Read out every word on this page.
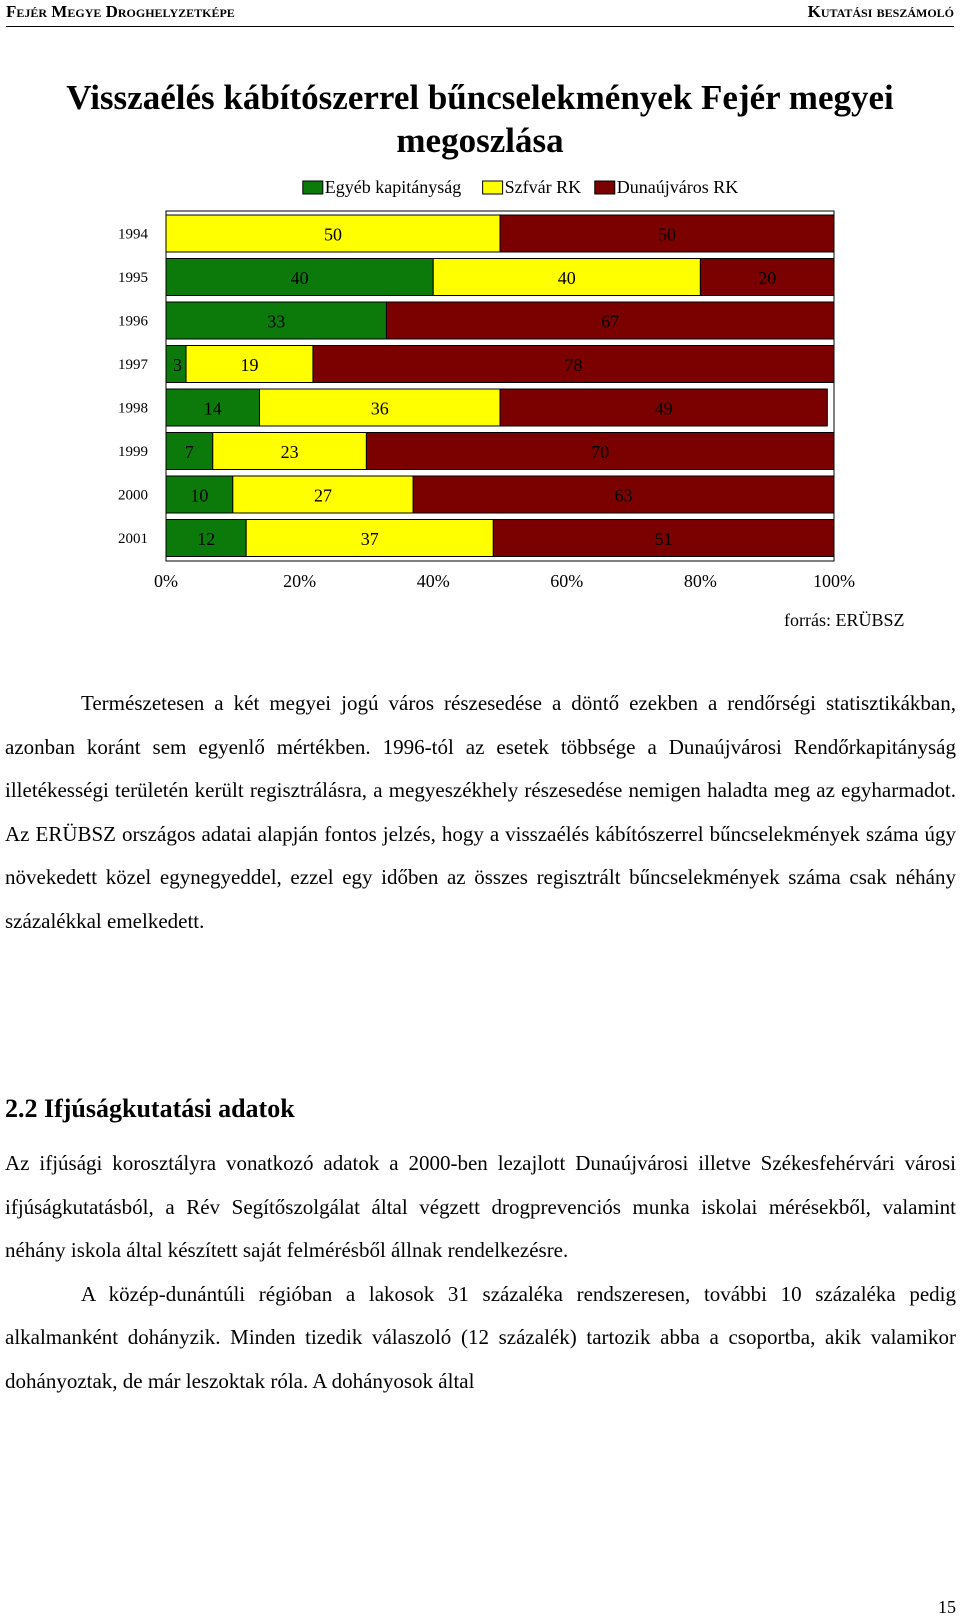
Fejér Megye Droghelyzetképe	Kutatási beszámoló
Visszaélés kábítószerrel bűncselekmények Fejér megyei megoszlása
Egyéb kapitányság Szfvár RK Dunaújváros RK
1994	50	50
1995	40	40	20
1996	33	67
1997 3	19	78
1998	14	36	49
1999 7	23	70
2000 10	27	63
2001	12	37	51
0%	20%	40%	60%	80%	100%
forrás: ERÜBSZ

Természetesen a két megyei jogú város részesedése a döntő ezekben a rendőrségi statisztikákban, azonban koránt sem egyenlő mértékben. 1996-tól az esetek többsége a Dunaújvárosi Rendőrkapitányság illetékességi területén került regisztrálásra, a megyeszékhely részesedése nemigen haladta meg az egyharmadot. Az ERÜBSZ országos adatai alapján fontos jelzés, hogy a visszaélés kábítószerrel bűncselekmények száma úgy növekedett közel egynegyeddel, ezzel egy időben az összes regisztrált bűncselekmények száma csak néhány százalékkal emelkedett.

2.2 Ifjúságkutatási adatok

Az ifjúsági korosztályra vonatkozó adatok a 2000-ben lezajlott Dunaújvárosi illetve Székesfehérvári városi ifjúságkutatásból, a Rév Segítőszolgálat által végzett drogprevenciós munka iskolai mérésekből, valamint néhány iskola által készített saját felmérésből állnak rendelkezésre.

A közép-dunántúli régióban a lakosok 31 százaléka rendszeresen, további 10 százaléka pedig alkalmanként dohányzik. Minden tizedik válaszoló (12 százalék) tartozik abba a csoportba, akik valamikor dohányoztak, de már leszoktak róla. A dohányosok által

15
